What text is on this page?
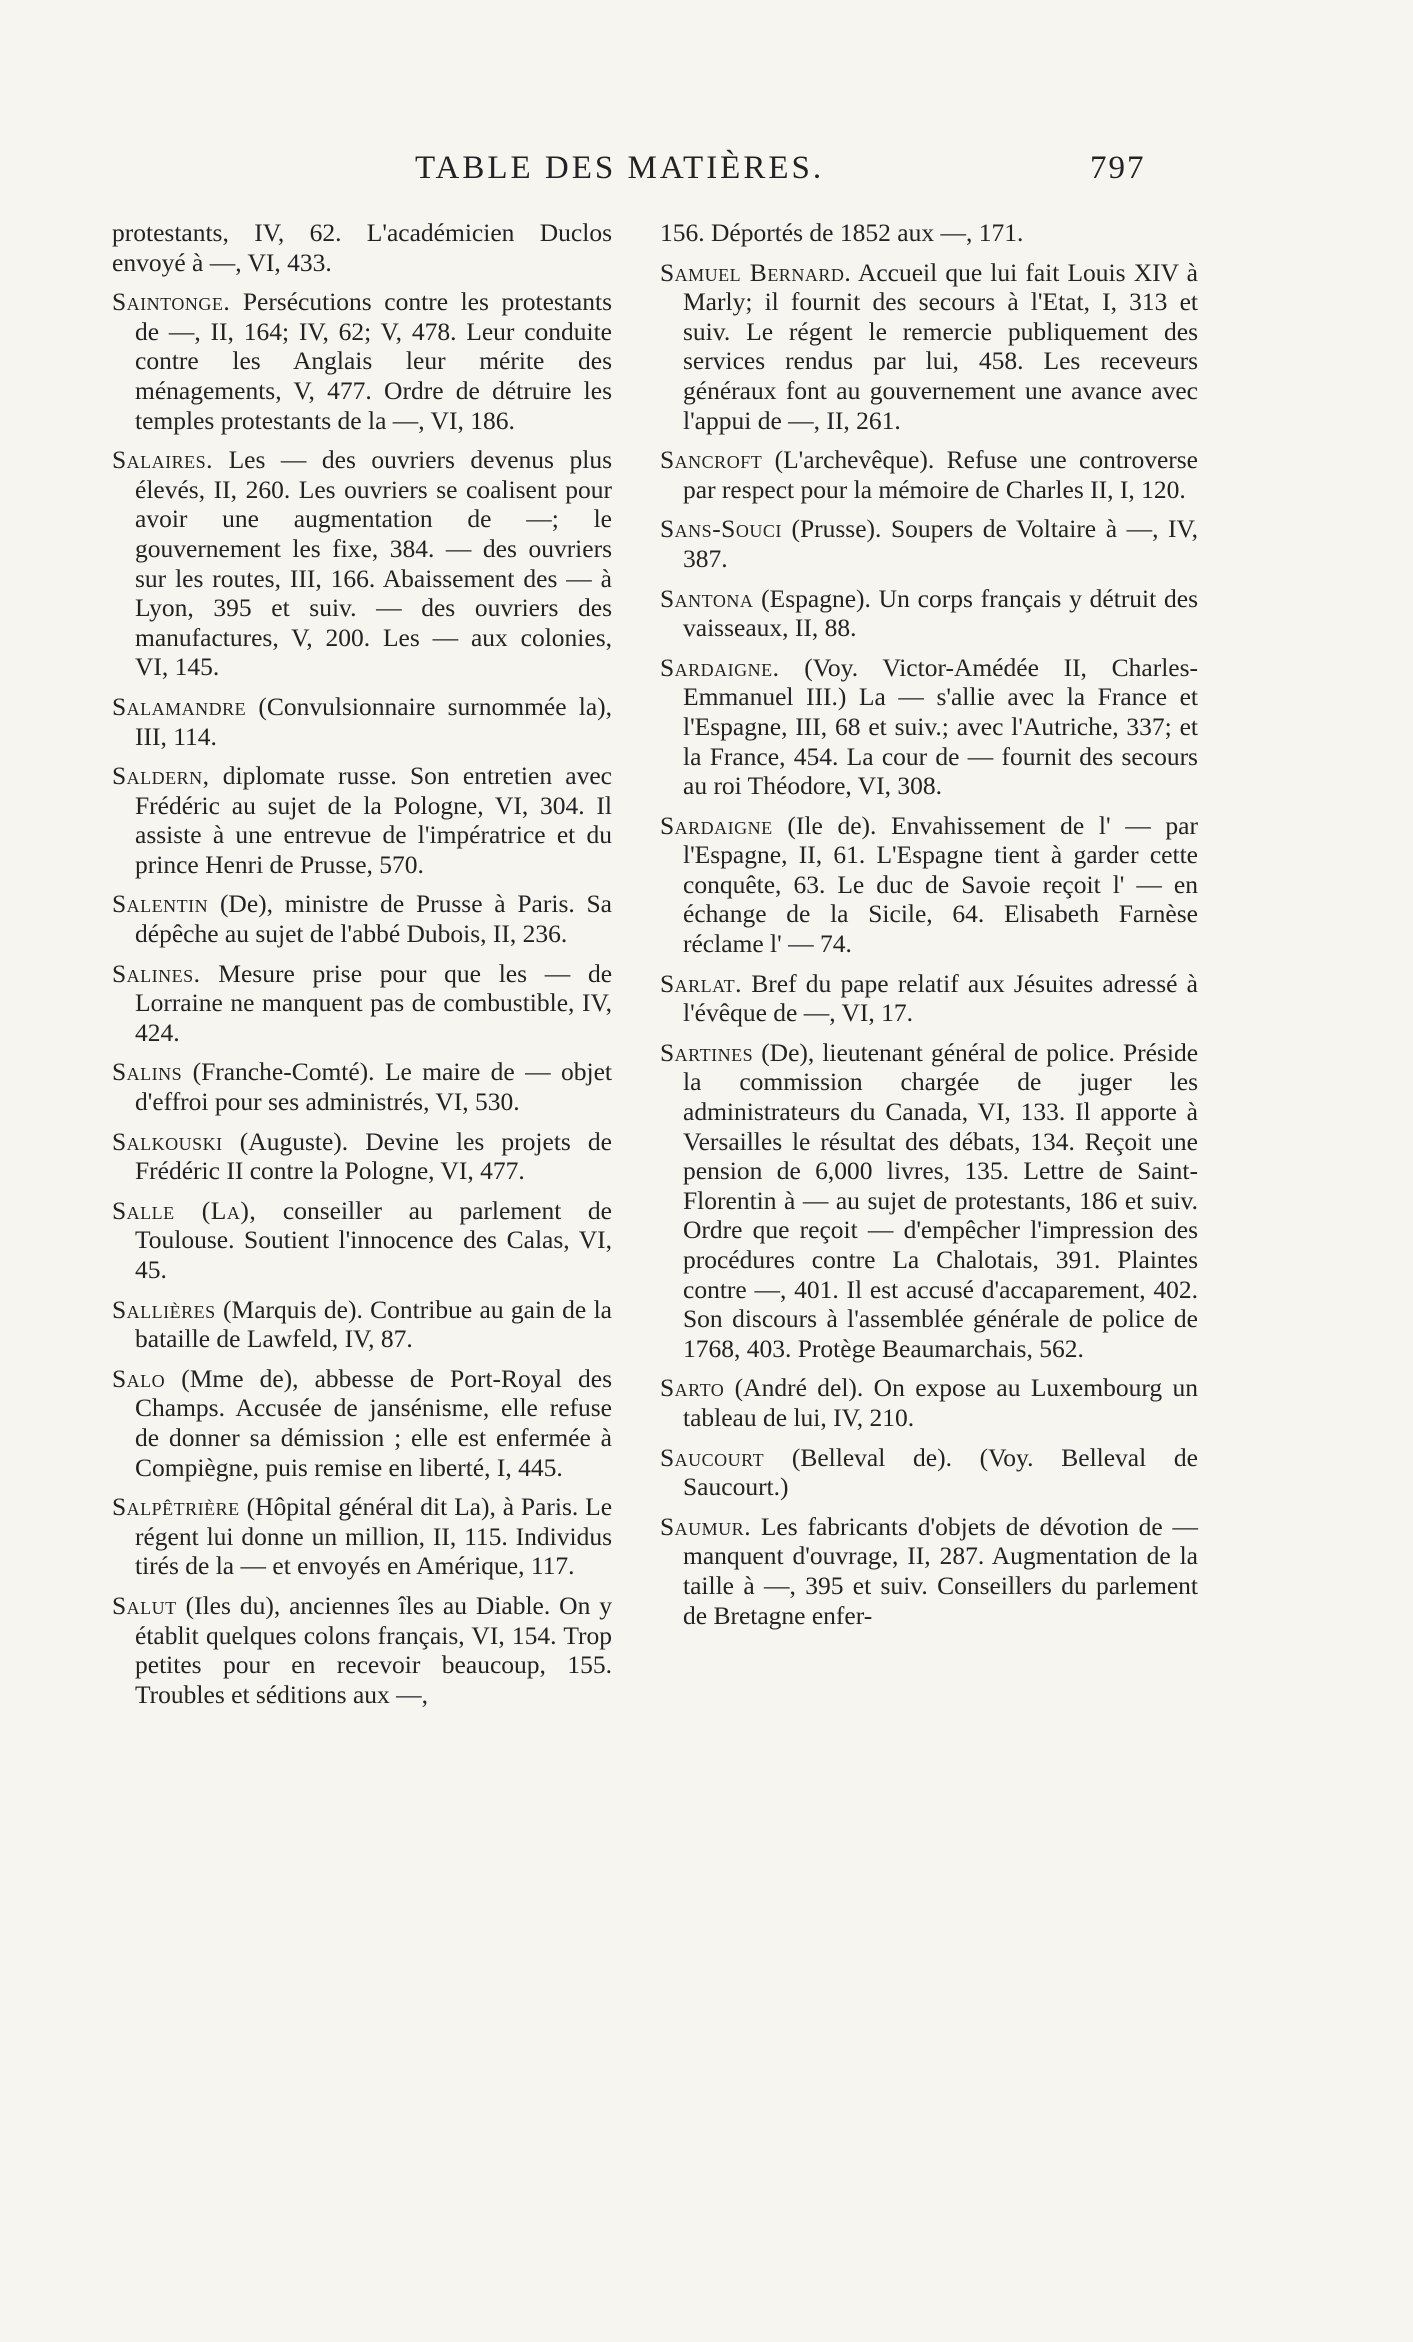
TABLE DES MATIÈRES.	797

protestants, IV, 62. L'académicien Duclos envoyé à —, VI, 433.

Saintonge. Persécutions contre les protestants de —, II, 164; IV, 62; V, 478. Leur conduite contre les Anglais leur mérite des ménagements, V, 477. Ordre de détruire les temples protestants de la —, VI, 186.

Salaires. Les — des ouvriers devenus plus élevés, II, 260. Les ouvriers se coalisent pour avoir une augmentation de —; le gouvernement les fixe, 384. — des ouvriers sur les routes, III, 166. Abaissement des — à Lyon, 395 et suiv. — des ouvriers des manufactures, V, 200. Les — aux colonies, VI, 145.

Salamandre (Convulsionnaire surnommée la), III, 114.

Saldern, diplomate russe. Son entretien avec Frédéric au sujet de la Pologne, VI, 304. Il assiste à une entrevue de l'impératrice et du prince Henri de Prusse, 570.

Salentin (De), ministre de Prusse à Paris. Sa dépêche au sujet de l'abbé Dubois, II, 236.

Salines. Mesure prise pour que les — de Lorraine ne manquent pas de combustible, IV, 424.

Salins (Franche-Comté). Le maire de — objet d'effroi pour ses administrés, VI, 530.

Salkouski (Auguste). Devine les projets de Frédéric II contre la Pologne, VI, 477.

Salle (La), conseiller au parlement de Toulouse. Soutient l'innocence des Calas, VI, 45.

Sallières (Marquis de). Contribue au gain de la bataille de Lawfeld, IV, 87.

Salo (Mme de), abbesse de Port-Royal des Champs. Accusée de jansénisme, elle refuse de donner sa démission ; elle est enfermée à Compiègne, puis remise en liberté, I, 445.

Salpêtrière (Hôpital général dit La), à Paris. Le régent lui donne un million, II, 115. Individus tirés de la — et envoyés en Amérique, 117.

Salut (Iles du), anciennes îles au Diable. On y établit quelques colons français, VI, 154. Trop petites pour en recevoir beaucoup, 155. Troubles et séditions aux —,

156. Déportés de 1852 aux —, 171.

Samuel Bernard. Accueil que lui fait Louis XIV à Marly; il fournit des secours à l'Etat, I, 313 et suiv. Le régent le remercie publiquement des services rendus par lui, 458. Les receveurs généraux font au gouvernement une avance avec l'appui de —, II, 261.

Sancroft (L'archevêque). Refuse une controverse par respect pour la mémoire de Charles II, I, 120.

Sans-Souci (Prusse). Soupers de Voltaire à —, IV, 387.

Santona (Espagne). Un corps français y détruit des vaisseaux, II, 88.

Sardaigne. (Voy. Victor-Amédée II, Charles-Emmanuel III.) La — s'allie avec la France et l'Espagne, III, 68 et suiv.; avec l'Autriche, 337; et la France, 454. La cour de — fournit des secours au roi Théodore, VI, 308.

Sardaigne (Ile de). Envahissement de l' — par l'Espagne, II, 61. L'Espagne tient à garder cette conquête, 63. Le duc de Savoie reçoit l' — en échange de la Sicile, 64. Elisabeth Farnèse réclame l' — 74.

Sarlat. Bref du pape relatif aux Jésuites adressé à l'évêque de —, VI, 17.

Sartines (De), lieutenant général de police. Préside la commission chargée de juger les administrateurs du Canada, VI, 133. Il apporte à Versailles le résultat des débats, 134. Reçoit une pension de 6,000 livres, 135. Lettre de Saint-Florentin à — au sujet de protestants, 186 et suiv. Ordre que reçoit — d'empêcher l'impression des procédures contre La Chalotais, 391. Plaintes contre —, 401. Il est accusé d'accaparement, 402. Son discours à l'assemblée générale de police de 1768, 403. Protège Beaumarchais, 562.

Sarto (André del). On expose au Luxembourg un tableau de lui, IV, 210.

Saucourt (Belleval de). (Voy. Belleval de Saucourt.)

Saumur. Les fabricants d'objets de dévotion de — manquent d'ouvrage, II, 287. Augmentation de la taille à —, 395 et suiv. Conseillers du parlement de Bretagne enfer-
